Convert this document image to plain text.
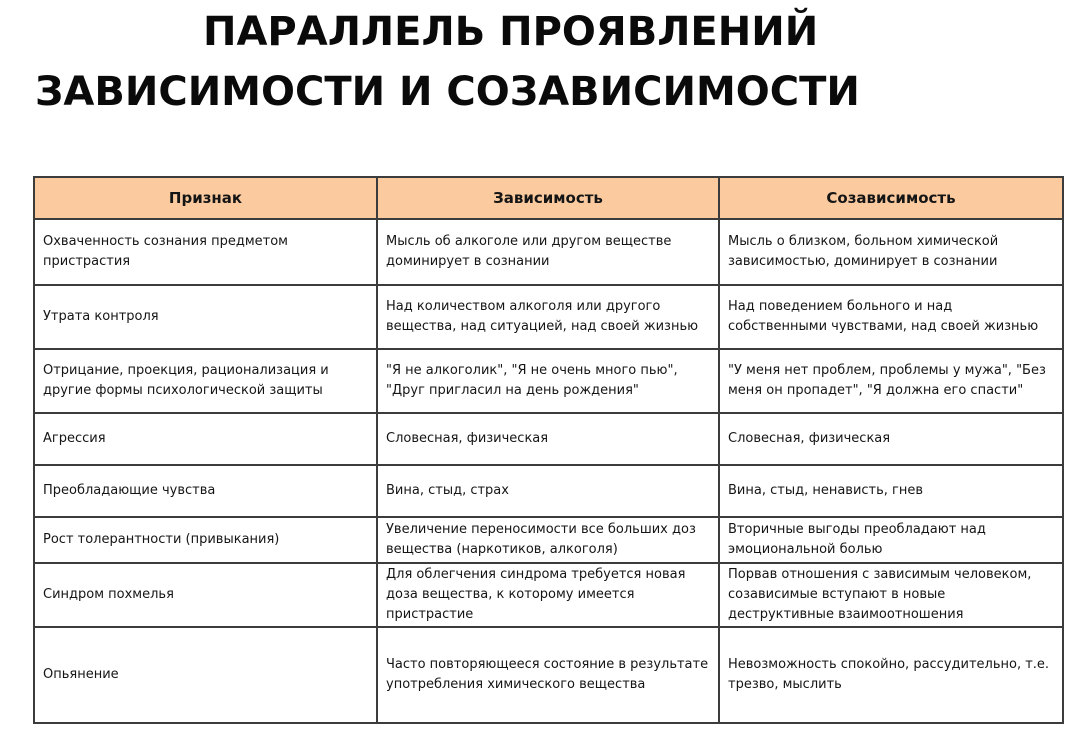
ПАРАЛЛЕЛЬ ПРОЯВЛЕНИЙ
ЗАВИСИМОСТИ И СОЗАВИСИМОСТИ
Признак	Зависимость	Созависимость
Охваченность сознания предметом пристрастия	Мысль об алкоголе или другом веществе доминирует в сознании	Мысль о близком, больном химической зависимостью, доминирует в сознании
Утрата контроля	Над количеством алкоголя или другого вещества, над ситуацией, над своей жизнью	Над поведением больного и над собственными чувствами, над своей жизнью
Отрицание, проекция, рационализация и другие формы психологической защиты	"Я не алкоголик", "Я не очень много пью", "Друг пригласил на день рождения"	"У меня нет проблем, проблемы у мужа", "Без меня он пропадет", "Я должна его спасти"
Агрессия	Словесная, физическая	Словесная, физическая
Преобладающие чувства	Вина, стыд, страх	Вина, стыд, ненависть, гнев
Рост толерантности (привыкания)	Увеличение переносимости все больших доз вещества (наркотиков, алкоголя)	Вторичные выгоды преобладают над эмоциональной болью
Синдром похмелья	Для облегчения синдрома требуется новая доза вещества, к которому имеется пристрастие	Порвав отношения с зависимым человеком, созависимые вступают в новые деструктивные взаимоотношения
Опьянение	Часто повторяющееся состояние в результате употребления химического вещества	Невозможность спокойно, рассудительно, т.е. трезво, мыслить
